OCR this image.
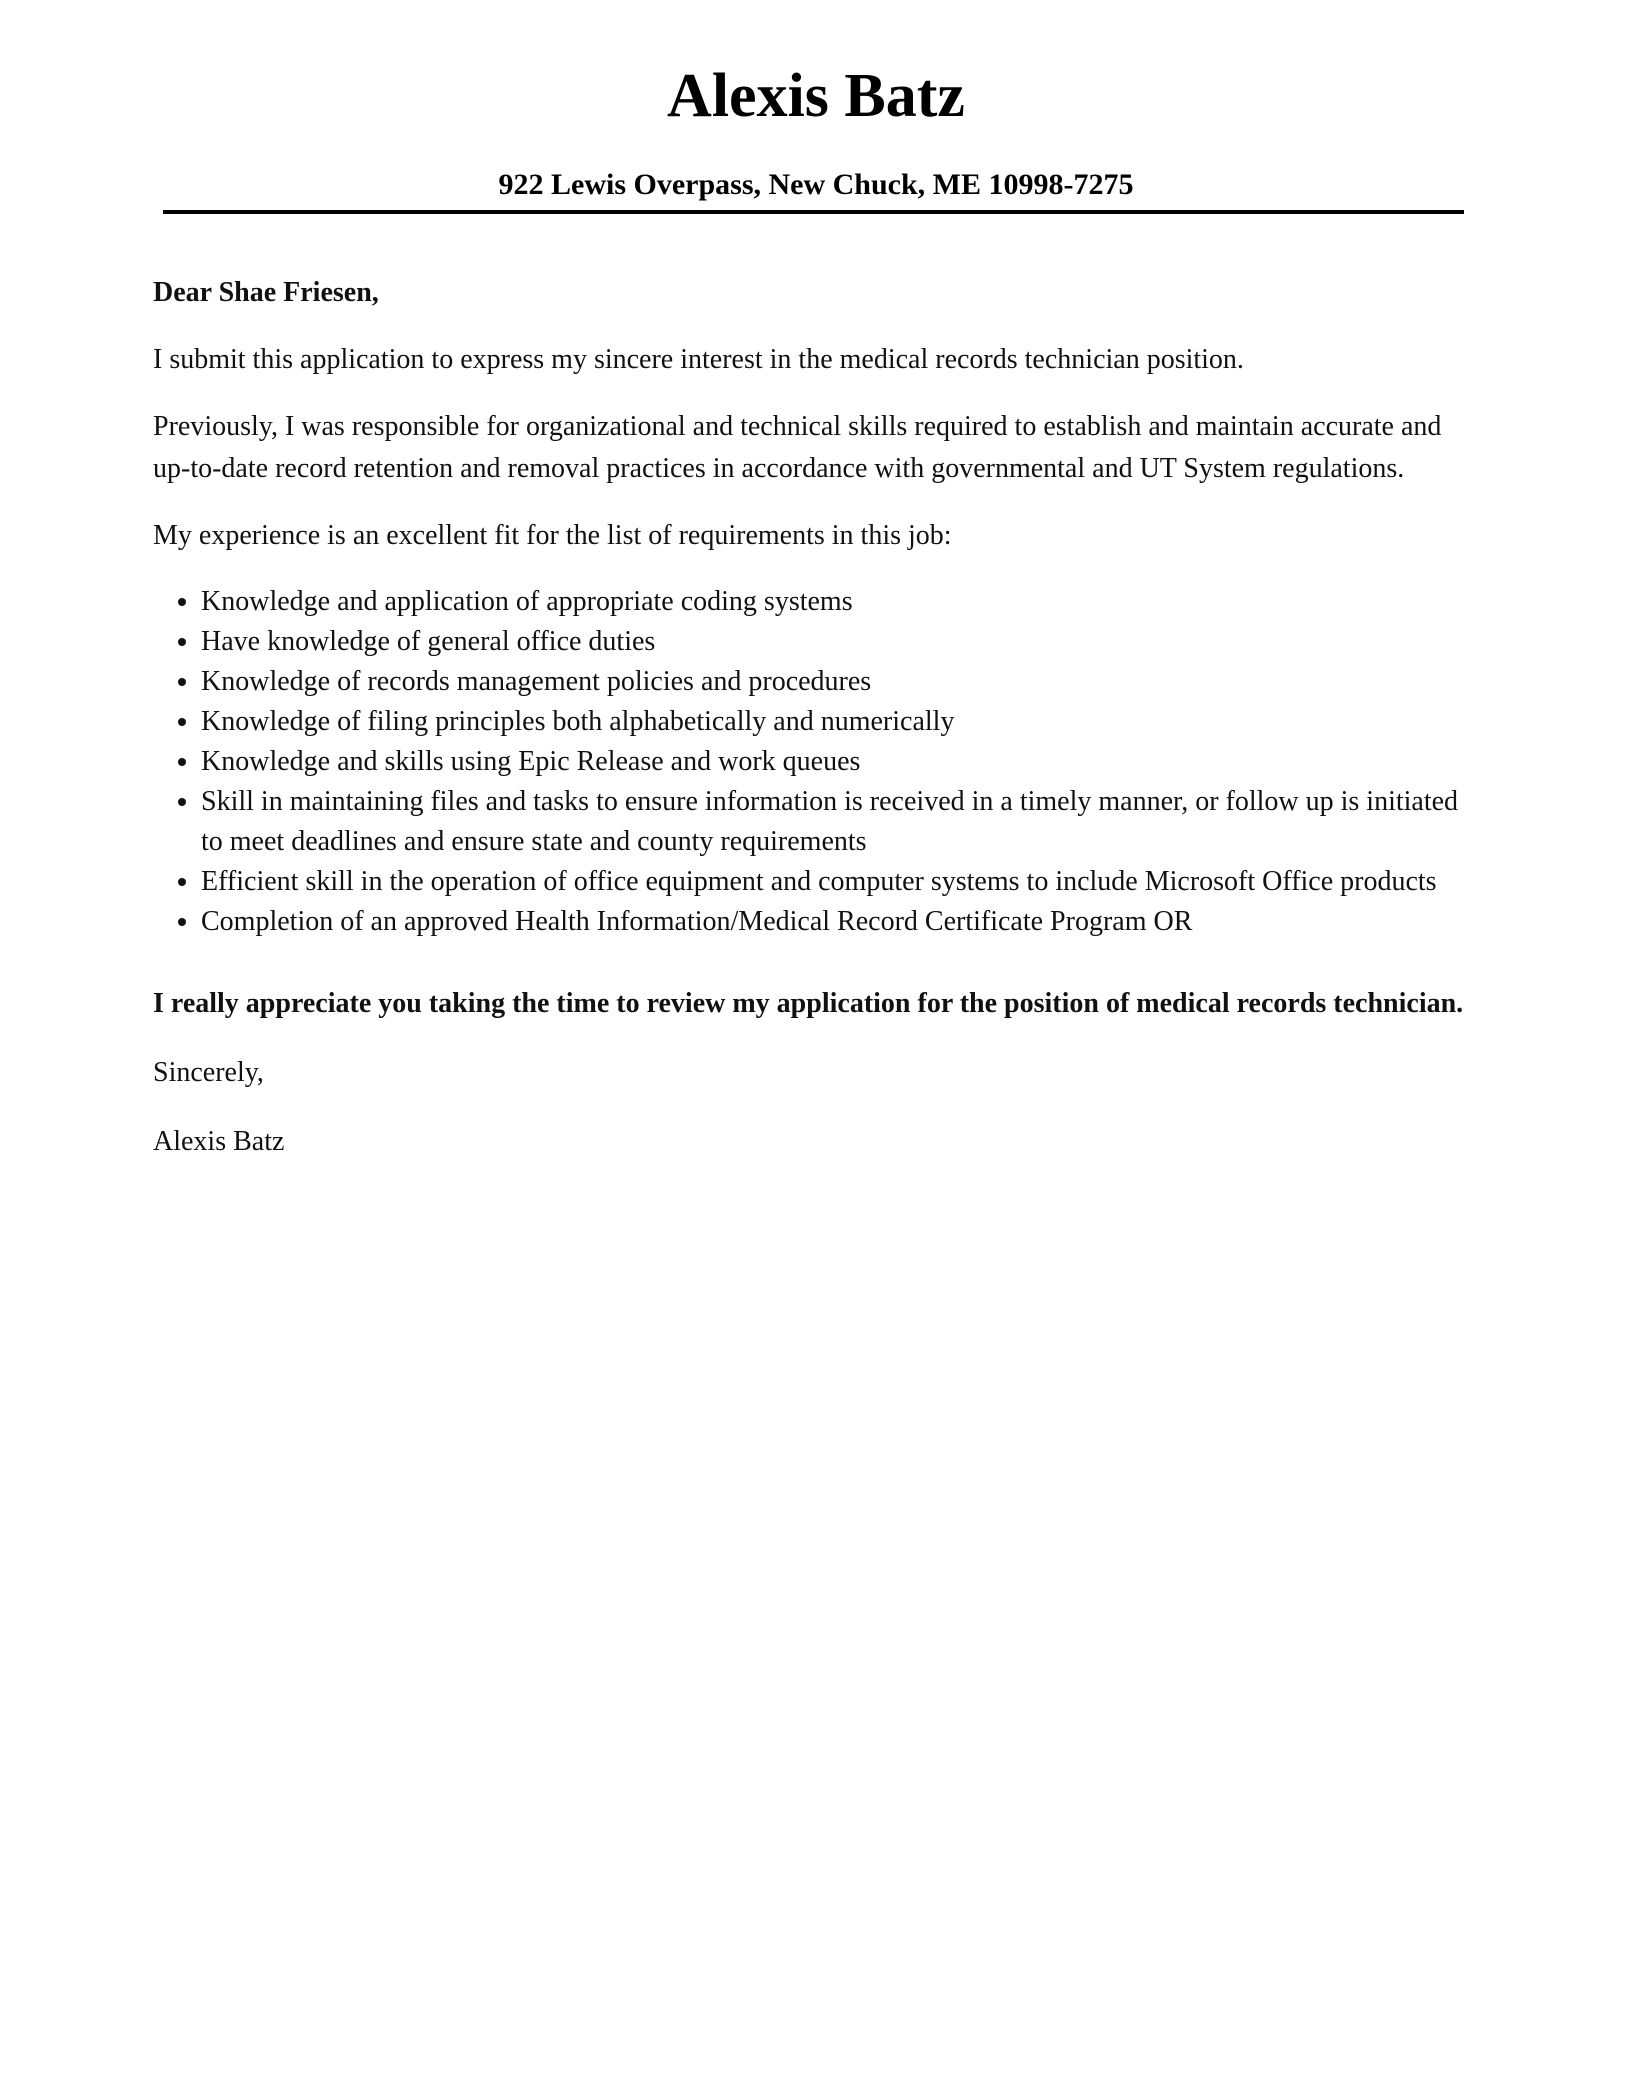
Alexis Batz
922 Lewis Overpass, New Chuck, ME 10998-7275

Dear Shae Friesen,

I submit this application to express my sincere interest in the medical records technician position.

Previously, I was responsible for organizational and technical skills required to establish and maintain accurate and up-to-date record retention and removal practices in accordance with governmental and UT System regulations.

My experience is an excellent fit for the list of requirements in this job:

• Knowledge and application of appropriate coding systems
• Have knowledge of general office duties
• Knowledge of records management policies and procedures
• Knowledge of filing principles both alphabetically and numerically
• Knowledge and skills using Epic Release and work queues
• Skill in maintaining files and tasks to ensure information is received in a timely manner, or follow up is initiated to meet deadlines and ensure state and county requirements
• Efficient skill in the operation of office equipment and computer systems to include Microsoft Office products
• Completion of an approved Health Information/Medical Record Certificate Program OR

I really appreciate you taking the time to review my application for the position of medical records technician.

Sincerely,

Alexis Batz
